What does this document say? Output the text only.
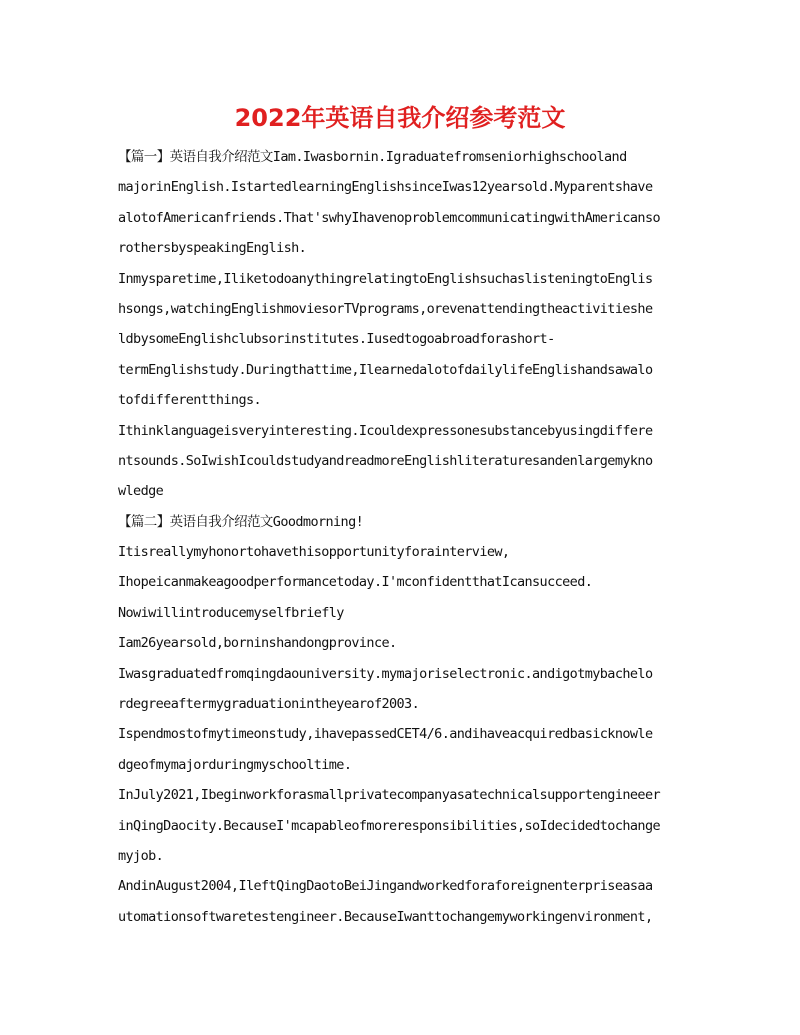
2022年英语自我介绍参考范文
【篇一】英语自我介绍范文Iam.Iwasbornin.Igraduatefromseniorhighschooland
majorinEnglish.IstartedlearningEnglishsinceIwas12yearsold.Myparentshave
alotofAmericanfriends.That'swhyIhavenoproblemcommunicatingwithAmericanso
rothersbyspeakingEnglish.
Inmysparetime,IliketodoanythingrelatingtoEnglishsuchaslisteningtoEnglis
hsongs,watchingEnglishmoviesorTVprograms,orevenattendingtheactivitieshe
ldbysomeEnglishclubsorinstitutes.Iusedtogoabroadforashort-
termEnglishstudy.Duringthattime,IlearnedalotofdailylifeEnglishandsawalo
tofdifferentthings.
Ithinklanguageisveryinteresting.Icouldexpressonesubstancebyusingdiffere
ntsounds.SoIwishIcouldstudyandreadmoreEnglishliteraturesandenlargemykno
wledge
【篇二】英语自我介绍范文Goodmorning!
Itisreallymyhonortohavethisopportunityforainterview,
Ihopeicanmakeagoodperformancetoday.I'mconfidentthatIcansucceed.
Nowiwillintroducemyselfbriefly
Iam26yearsold,borninshandongprovince.
Iwasgraduatedfromqingdaouniversity.mymajoriselectronic.andigotmybachelo
rdegreeaftermygraduationintheyearof2003.
Ispendmostofmytimeonstudy,ihavepassedCET4/6.andihaveacquiredbasicknowle
dgeofmymajorduringmyschooltime.
InJuly2021,Ibeginworkforasmallprivatecompanyasatechnicalsupportengineeer
inQingDaocity.BecauseI'mcapableofmoreresponsibilities,soIdecidedtochange
myjob.
AndinAugust2004,IleftQingDaotoBeiJingandworkedforaforeignenterpriseasaa
utomationsoftwaretestengineer.BecauseIwanttochangemyworkingenvironment,
